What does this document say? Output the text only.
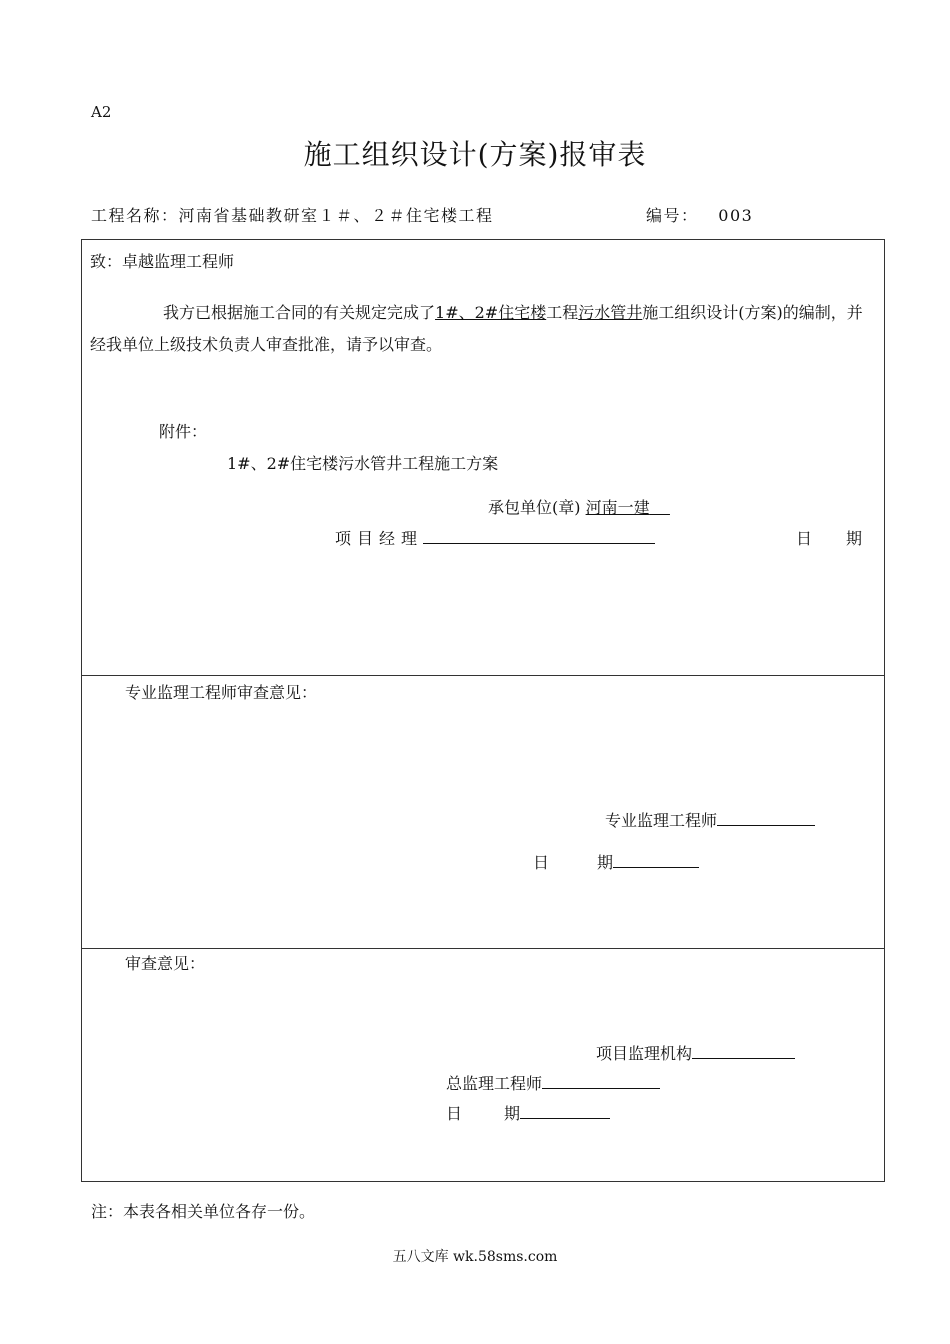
A2
施工组织设计(方案)报审表
工程名称：河南省基础教研室１＃、２＃住宅楼工程	编号： 003
致：卓越监理工程师
我方已根据施工合同的有关规定完成了1#、2#住宅楼工程污水管井施工组织设计(方案)的编制，并经我单位上级技术负责人审查批准，请予以审查。
附件：
1#、2#住宅楼污水管井工程施工方案
承包单位(章) 河南一建
项目经理	日期
专业监理工程师审查意见：
专业监理工程师
日期
审查意见：
项目监理机构
总监理工程师
日期
注：本表各相关单位各存一份。
五八文库 wk.58sms.com
